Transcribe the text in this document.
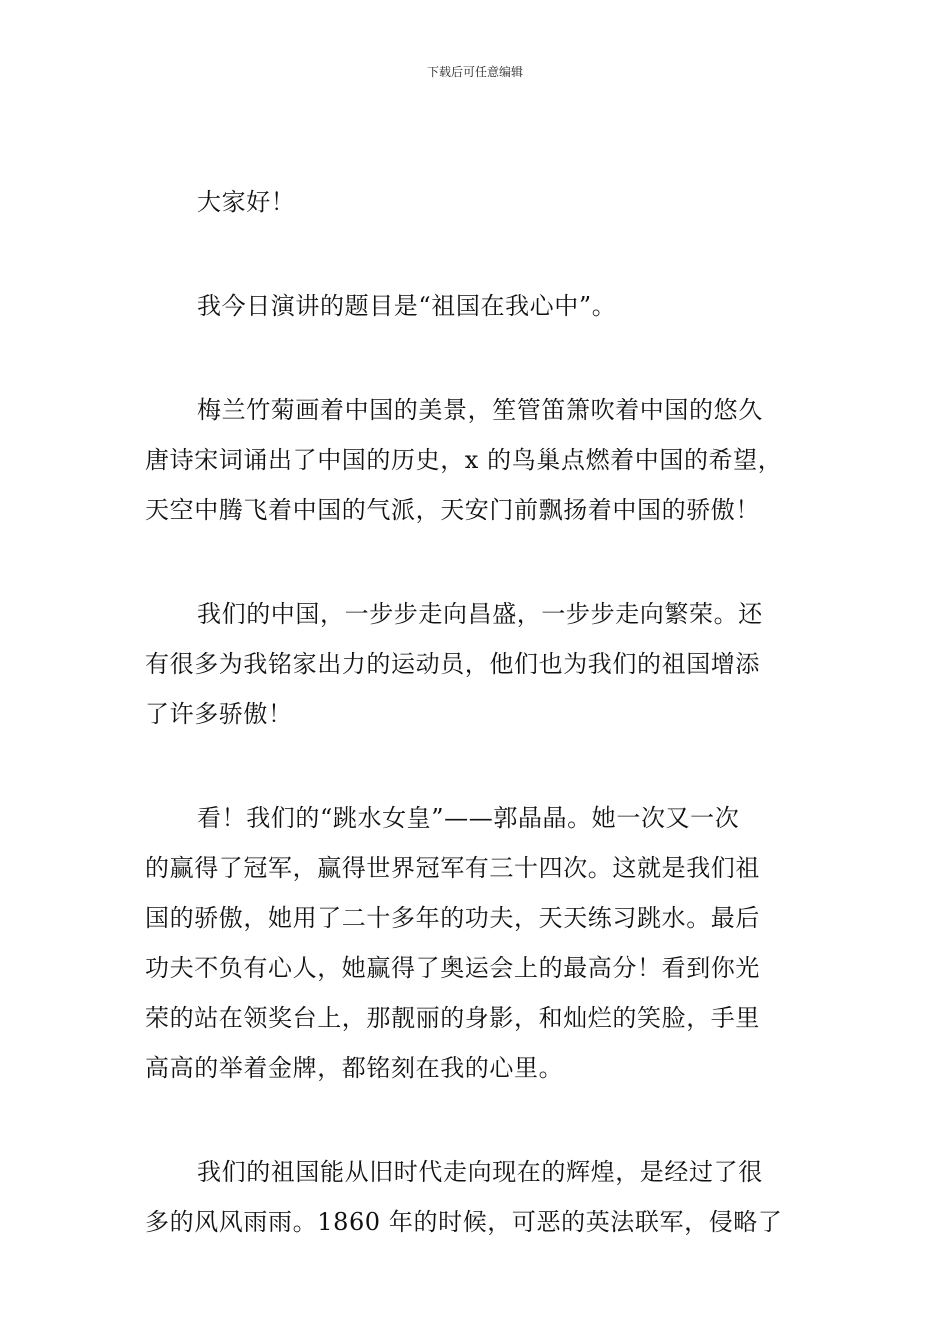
下载后可任意编辑
大家好！
我今日演讲的题目是“祖国在我心中”。
梅兰竹菊画着中国的美景，笙管笛箫吹着中国的悠久
唐诗宋词诵出了中国的历史，x 的鸟巢点燃着中国的希望，
天空中腾飞着中国的气派，天安门前飘扬着中国的骄傲！
我们的中国，一步步走向昌盛，一步步走向繁荣。还
有很多为我铭家出力的运动员，他们也为我们的祖国增添
了许多骄傲！
看！我们的“跳水女皇”——郭晶晶。她一次又一次
的赢得了冠军，赢得世界冠军有三十四次。这就是我们祖
国的骄傲，她用了二十多年的功夫，天天练习跳水。最后
功夫不负有心人，她赢得了奥运会上的最高分！看到你光
荣的站在领奖台上，那靓丽的身影，和灿烂的笑脸，手里
高高的举着金牌，都铭刻在我的心里。
我们的祖国能从旧时代走向现在的辉煌，是经过了很
多的风风雨雨。1860 年的时候，可恶的英法联军，侵略了
